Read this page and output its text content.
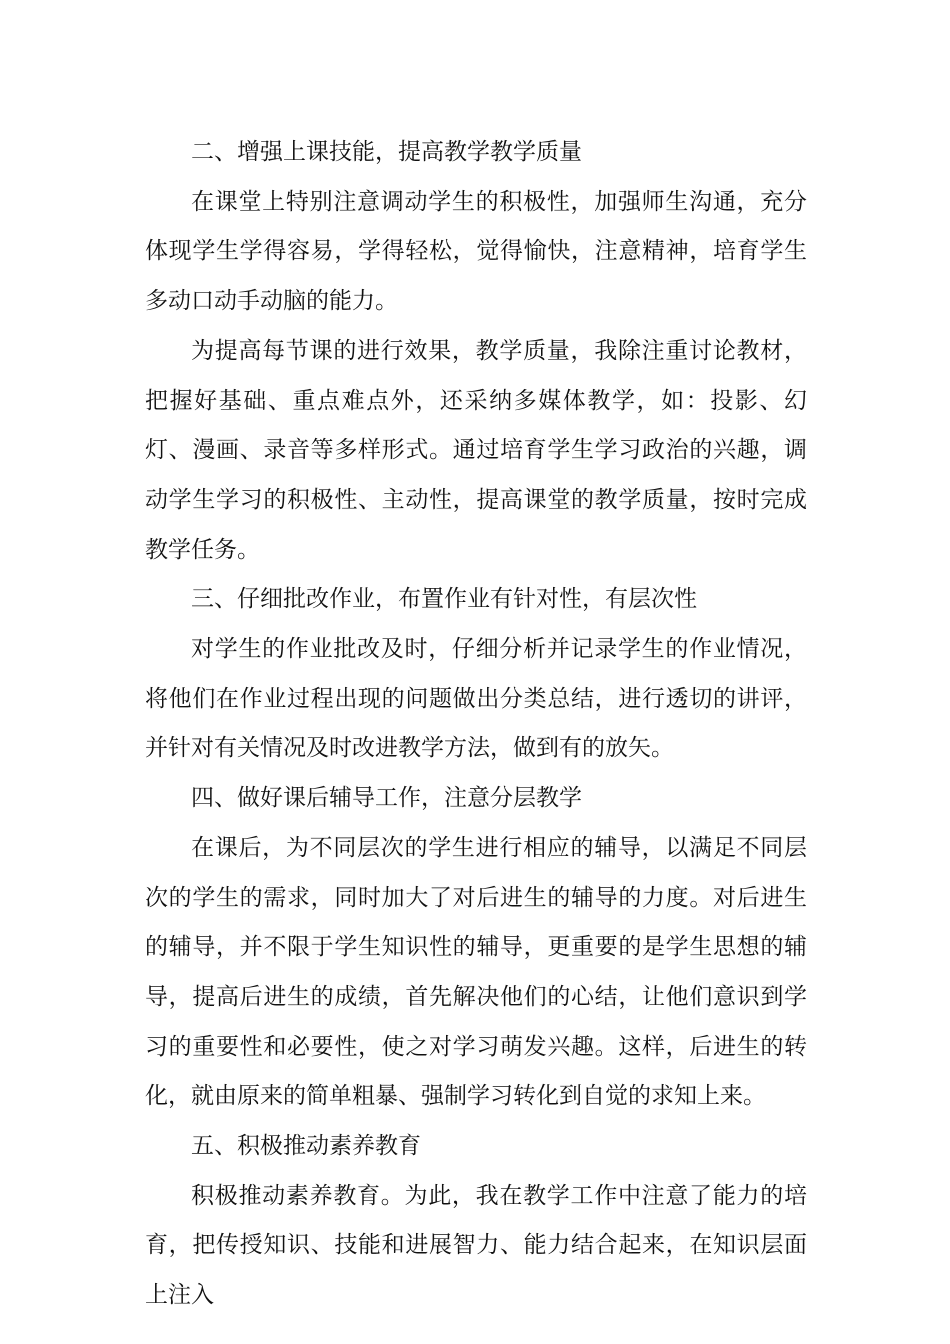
二、增强上课技能，提高教学教学质量

在课堂上特别注意调动学生的积极性，加强师生沟通，充分体现学生学得容易，学得轻松，觉得愉快，注意精神，培育学生多动口动手动脑的能力。

为提高每节课的进行效果，教学质量，我除注重讨论教材，把握好基础、重点难点外，还采纳多媒体教学，如：投影、幻灯、漫画、录音等多样形式。通过培育学生学习政治的兴趣，调动学生学习的积极性、主动性，提高课堂的教学质量，按时完成教学任务。

三、仔细批改作业，布置作业有针对性，有层次性

对学生的作业批改及时，仔细分析并记录学生的作业情况，将他们在作业过程出现的问题做出分类总结，进行透切的讲评，并针对有关情况及时改进教学方法，做到有的放矢。

四、做好课后辅导工作，注意分层教学

在课后，为不同层次的学生进行相应的辅导，以满足不同层次的学生的需求，同时加大了对后进生的辅导的力度。对后进生的辅导，并不限于学生知识性的辅导，更重要的是学生思想的辅导，提高后进生的成绩，首先解决他们的心结，让他们意识到学习的重要性和必要性，使之对学习萌发兴趣。这样，后进生的转化，就由原来的简单粗暴、强制学习转化到自觉的求知上来。

五、积极推动素养教育

积极推动素养教育。为此，我在教学工作中注意了能力的培育，把传授知识、技能和进展智力、能力结合起来，在知识层面上注入
